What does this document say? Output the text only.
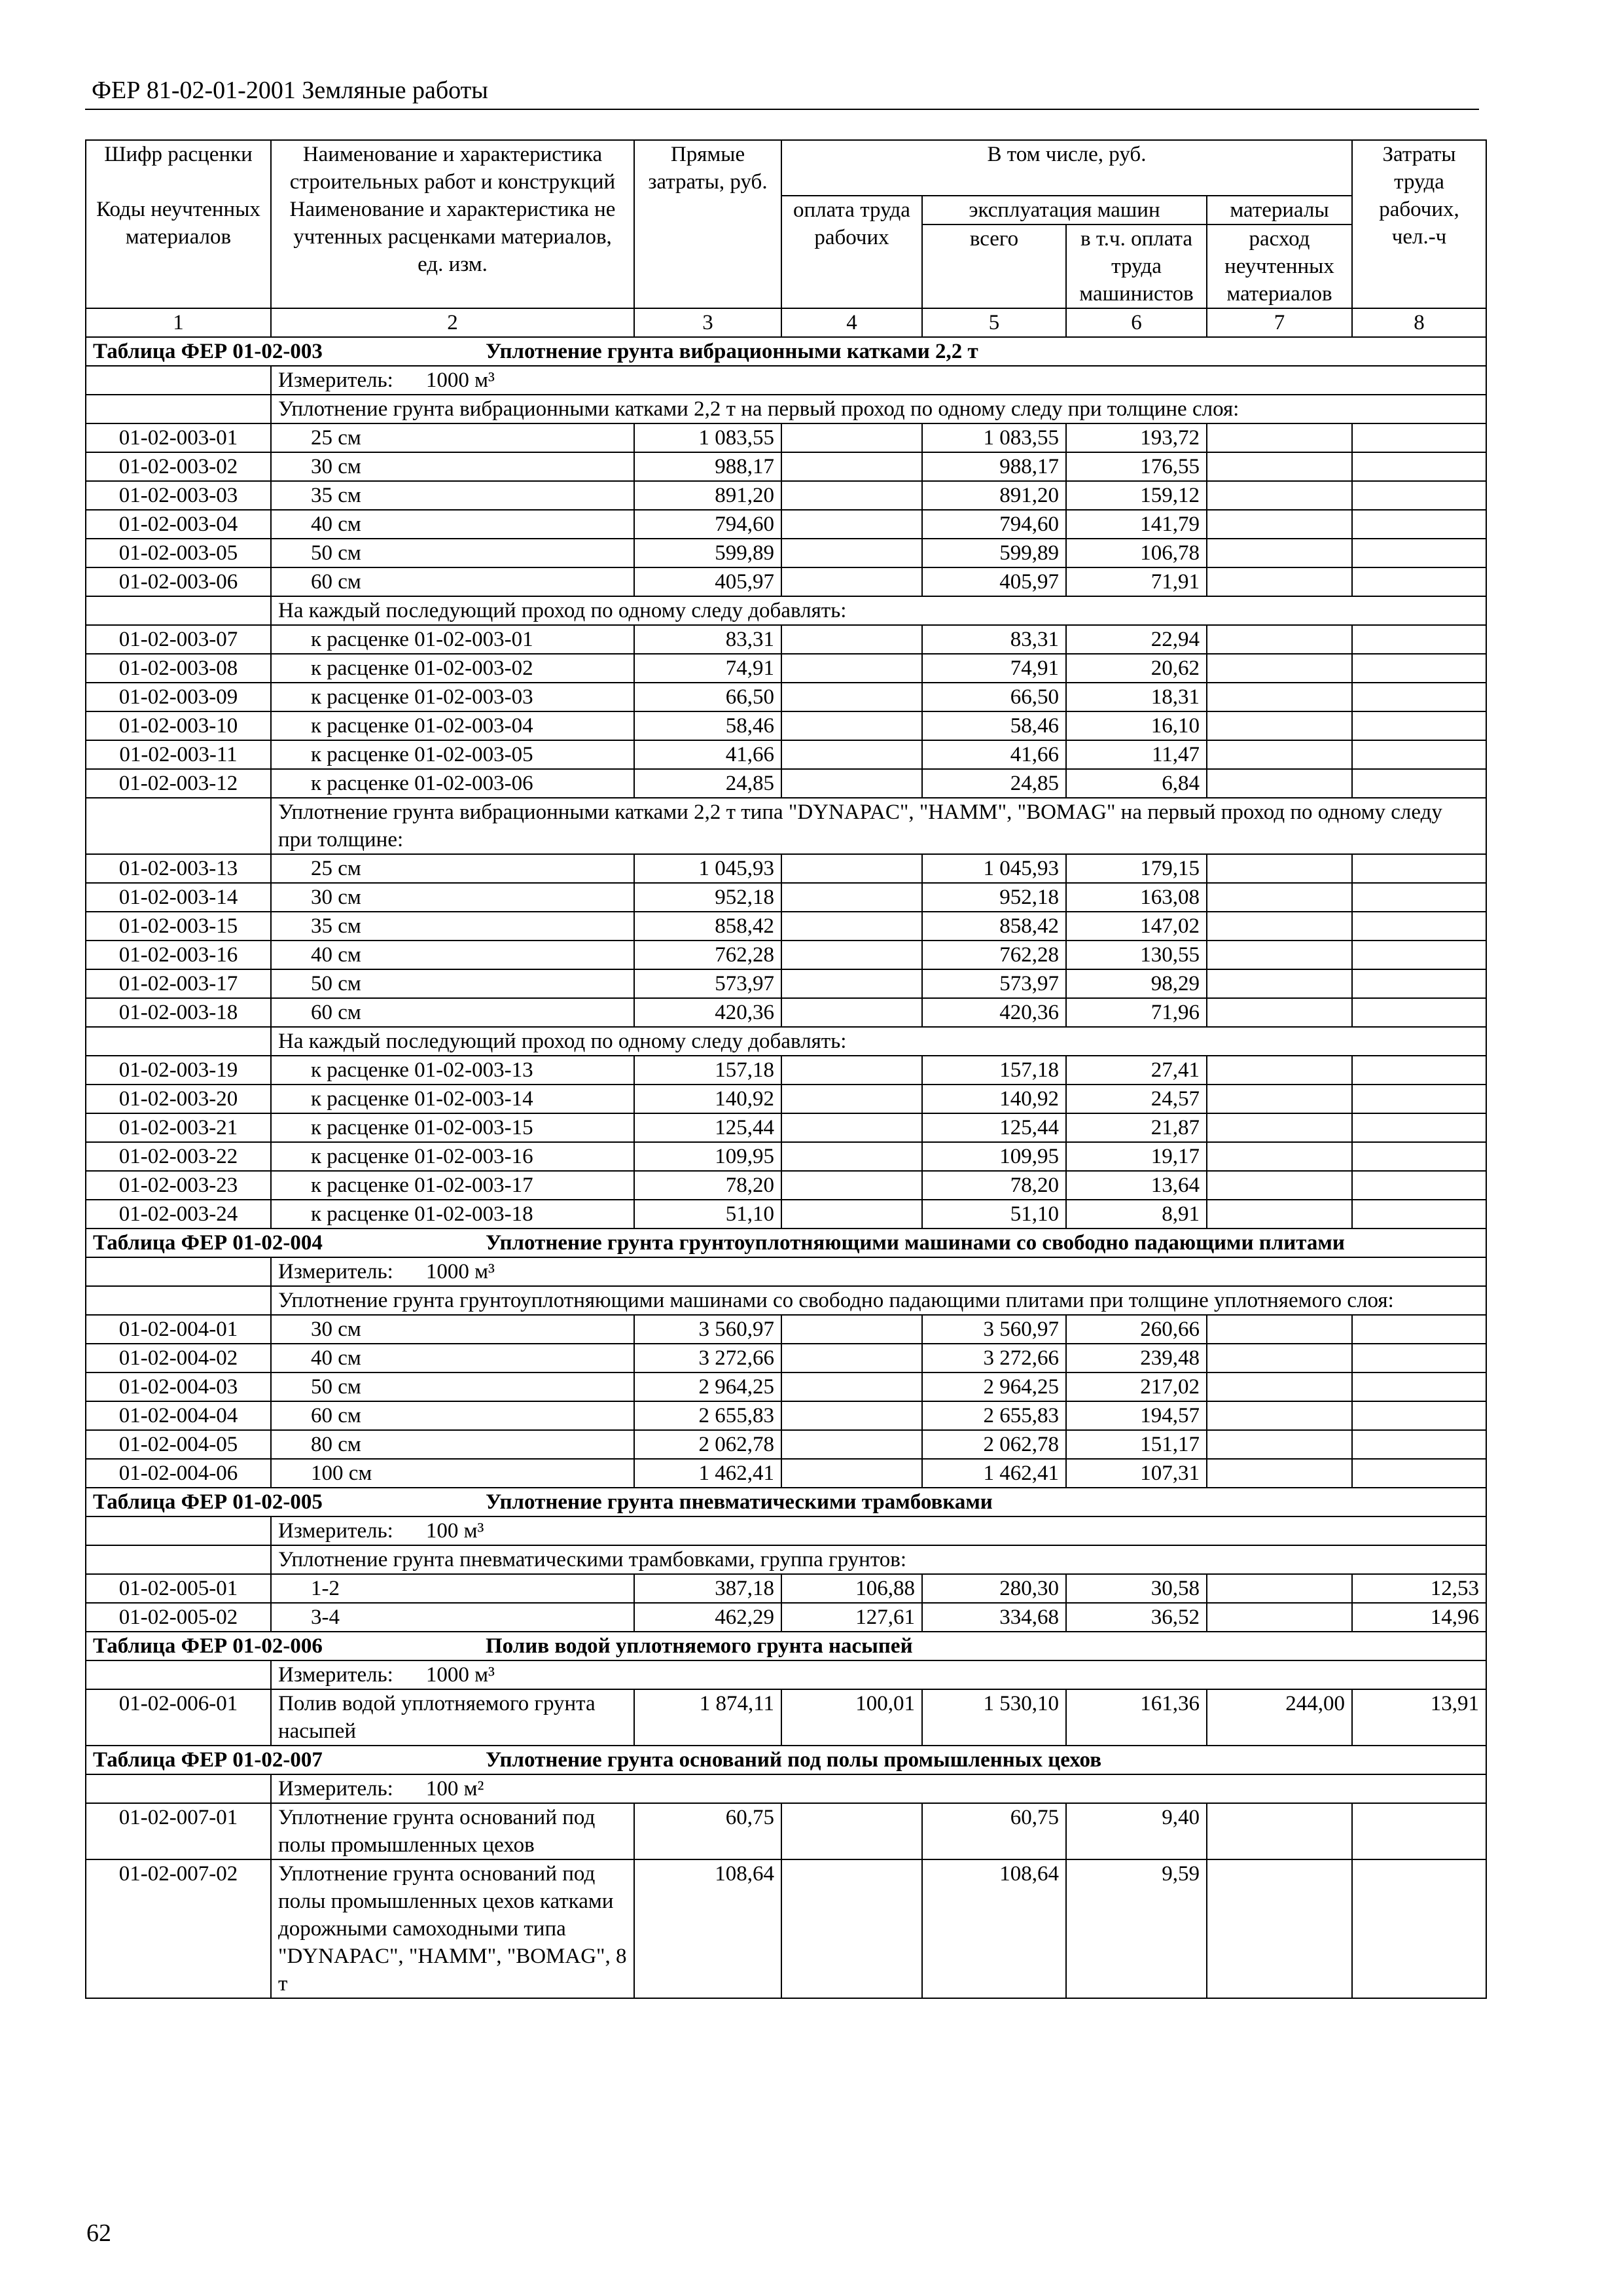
ФЕР 81-02-01-2001 Земляные работы
Шифр расценки	Наименование и характеристика строительных работ и конструкций	Прямые затраты, руб.	В том числе, руб.				Затраты труда рабочих, чел.-ч
Коды неучтенных материалов	Наименование и характеристика не учтенных расценками материалов, ед. изм.		оплата труда рабочих	эксплуатация машин		материалы	
				всего	в т.ч. оплата труда машинистов	расход неучтенных материалов	
1	2	3	4	5	6	7	8
Таблица ФЕР 01-02-003 Уплотнение грунта вибрационными катками 2,2 т							
	Измеритель: 1000 м³						
	Уплотнение грунта вибрационными катками 2,2 т на первый проход по одному следу при толщине слоя:						
01-02-003-01	25 см	1 083,55		1 083,55	193,72		
01-02-003-02	30 см	988,17		988,17	176,55		
01-02-003-03	35 см	891,20		891,20	159,12		
01-02-003-04	40 см	794,60		794,60	141,79		
01-02-003-05	50 см	599,89		599,89	106,78		
01-02-003-06	60 см	405,97		405,97	71,91		
	На каждый последующий проход по одному следу добавлять:						
01-02-003-07	к расценке 01-02-003-01	83,31		83,31	22,94		
01-02-003-08	к расценке 01-02-003-02	74,91		74,91	20,62		
01-02-003-09	к расценке 01-02-003-03	66,50		66,50	18,31		
01-02-003-10	к расценке 01-02-003-04	58,46		58,46	16,10		
01-02-003-11	к расценке 01-02-003-05	41,66		41,66	11,47		
01-02-003-12	к расценке 01-02-003-06	24,85		24,85	6,84		
	Уплотнение грунта вибрационными катками 2,2 т типа "DYNAPAC", "HAMM", "BOMAG" на первый проход по одному следу при толщине:						
01-02-003-13	25 см	1 045,93		1 045,93	179,15		
01-02-003-14	30 см	952,18		952,18	163,08		
01-02-003-15	35 см	858,42		858,42	147,02		
01-02-003-16	40 см	762,28		762,28	130,55		
01-02-003-17	50 см	573,97		573,97	98,29		
01-02-003-18	60 см	420,36		420,36	71,96		
	На каждый последующий проход по одному следу добавлять:						
01-02-003-19	к расценке 01-02-003-13	157,18		157,18	27,41		
01-02-003-20	к расценке 01-02-003-14	140,92		140,92	24,57		
01-02-003-21	к расценке 01-02-003-15	125,44		125,44	21,87		
01-02-003-22	к расценке 01-02-003-16	109,95		109,95	19,17		
01-02-003-23	к расценке 01-02-003-17	78,20		78,20	13,64		
01-02-003-24	к расценке 01-02-003-18	51,10		51,10	8,91		
Таблица ФЕР 01-02-004 Уплотнение грунта грунтоуплотняющими машинами со свободно падающими плитами							
	Измеритель: 1000 м³						
	Уплотнение грунта грунтоуплотняющими машинами со свободно падающими плитами при толщине уплотняемого слоя:						
01-02-004-01	30 см	3 560,97		3 560,97	260,66		
01-02-004-02	40 см	3 272,66		3 272,66	239,48		
01-02-004-03	50 см	2 964,25		2 964,25	217,02		
01-02-004-04	60 см	2 655,83		2 655,83	194,57		
01-02-004-05	80 см	2 062,78		2 062,78	151,17		
01-02-004-06	100 см	1 462,41		1 462,41	107,31		
Таблица ФЕР 01-02-005 Уплотнение грунта пневматическими трамбовками							
	Измеритель: 100 м³						
	Уплотнение грунта пневматическими трамбовками, группа грунтов:						
01-02-005-01	1-2	387,18	106,88	280,30	30,58		12,53
01-02-005-02	3-4	462,29	127,61	334,68	36,52		14,96
Таблица ФЕР 01-02-006 Полив водой уплотняемого грунта насыпей							
	Измеритель: 1000 м³						
01-02-006-01	Полив водой уплотняемого грунта насыпей	1 874,11	100,01	1 530,10	161,36	244,00	13,91
Таблица ФЕР 01-02-007 Уплотнение грунта оснований под полы промышленных цехов							
	Измеритель: 100 м²						
01-02-007-01	Уплотнение грунта оснований под полы промышленных цехов	60,75		60,75	9,40		
01-02-007-02	Уплотнение грунта оснований под полы промышленных цехов катками дорожными самоходными типа "DYNAPAC", "HAMM", "BOMAG", 8 т	108,64		108,64	9,59		
62
